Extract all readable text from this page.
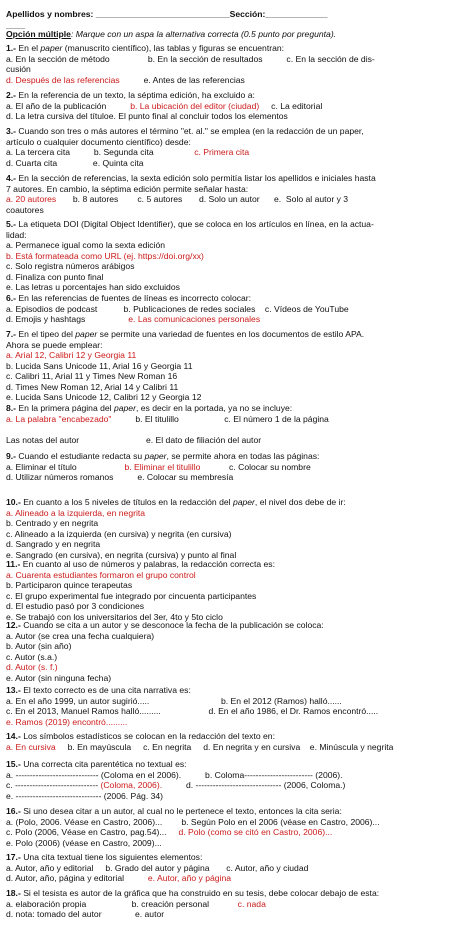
Apellidos y nombres: ____________________________Sección:_____________
____
Opción múltiple: Marque con un aspa la alternativa correcta (0.5 punto por pregunta).
1.- En el paper (manuscrito científico), las tablas y figuras se encuentran:
a. En la sección de método                b. En la sección de resultados          c. En la sección de dis-
cusión
d. Después de las referencias          e. Antes de las referencias
2.- En la referencia de un texto, la séptima edición, ha excluido a:
a. El año de la publicación          b. La ubicación del editor (ciudad)     c. La editorial
d. La letra cursiva del títuloe. El punto final al concluir todos los elementos
3.- Cuando son tres o más autores el término "et. al." se emplea (en la redacción de un paper,
artículo o cualquier documento científico) desde:
a. La tercera cita          b. Segunda cita                 c. Primera cita
d. Cuarta cita               e. Quinta cita
4.- En la sección de referencias, la sexta edición solo permitía listar los apellidos e iniciales hasta
7 autores. En cambio, la séptima edición permite señalar hasta:
a. 20 autores       b. 8 autores        c. 5 autores       d. Solo un autor      e.  Solo al autor y 3
coautores
5.- La etiqueta DOI (Digital Object Identifier), que se coloca en los artículos en línea, en la actua-
lidad:
a. Permanece igual como la sexta edición
b. Está formateada como URL (ej. https://doi.org/xx)
c. Solo registra números arábigos
d. Finaliza con punto final
e. Las letras u porcentajes han sido excluidos
6.- En las referencias de fuentes de líneas es incorrecto colocar:
a. Episodios de podcast           b. Publicaciones de redes sociales    c. Vídeos de YouTube
d. Emojis y hashtags                  e. Las comunicaciones personales
7.- En el tipeo del paper se permite una variedad de fuentes en los documentos de estilo APA.
Ahora se puede emplear:
a. Arial 12, Calibri 12 y Georgia 11
b. Lucida Sans Unicode 11, Arial 16 y Georgia 11
c. Calibri 11, Arial 11 y Times New Roman 16
d. Times New Roman 12, Arial 14 y Calibri 11
e. Lucida Sans Unicode 12, Calibri 12 y Georgia 12
8.- En la primera página del paper, es decir en la portada, ya no se incluye:
a. La palabra "encabezado"          b. El titulillo                   c. El número 1 de la página
Las notas del autor                            e. El dato de filiación del autor
9.- Cuando el estudiante redacta su paper, se permite ahora en todas las páginas:
a. Eliminar el título                    b. Eliminar el titulillo            c. Colocar su nombre
d. Utilizar números romanos          e. Colocar su membresía
10.- En cuanto a los 5 niveles de títulos en la redacción del paper, el nivel dos debe de ir:
a. Alineado a la izquierda, en negrita
b. Centrado y en negrita
c. Alineado a la izquierda (en cursiva) y negrita (en cursiva)
d. Sangrado y en negrita
e. Sangrado (en cursiva), en negrita (cursiva) y punto al final
11.- En cuanto al uso de números y palabras, la redacción correcta es:
a. Cuarenta estudiantes formaron el grupo control
b. Participaron quince terapeutas
c. El grupo experimental fue integrado por cincuenta participantes
d. El estudio pasó por 3 condiciones
e. Se trabajó con los universitarios del 3er, 4to y 5to ciclo
12.- Cuando se cita a un autor y se desconoce la fecha de la publicación se coloca:
a. Autor (se crea una fecha cualquiera)
b. Autor (sin año)
c. Autor (s.a.)
d. Autor (s. f.)
e. Autor (sin ninguna fecha)
13.- El texto correcto es de una cita narrativa es:
a. En el año 1999, un autor sugirió.....                              b. En el 2012 (Ramos) halló......
c. En el 2013, Manuel Ramos halló.........                    d. En el año 1986, el Dr. Ramos encontró.....
e. Ramos (2019) encontró.........
14.- Los símbolos estadísticos se colocan en la redacción del texto en:
a. En cursiva     b. En mayúscula     c. En negrita     d. En negrita y en cursiva    e. Minúscula y negrita
15.- Una correcta cita parentética no textual es:
a. ----------------------------- (Coloma en el 2006).          b. Coloma------------------------ (2006).
c. ----------------------------- (Coloma, 2006).          d. ------------------------------ (2006, Coloma.)
e. ------------------------------ (2006. Pág. 34)
16.- Si uno desea citar a un autor, al cual no le pertenece el texto, entonces la cita seria:
a. (Polo, 2006. Véase en Castro, 2006)...        b. Según Polo en el 2006 (véase en Castro, 2006)...
c. Polo (2006, Véase en Castro, pag.54)...     d. Polo (como se citó en Castro, 2006)...
e. Polo (2006) (véase en Castro, 2009)...
17.- Una cita textual tiene los siguientes elementos:
a. Autor, año y editorial     b. Grado del autor y página       c. Autor, año y ciudad
d. Autor, año, página y editorial          e. Autor, año y página
18.- Si el tesista es autor de la gráfica que ha construido en su tesis, debe colocar debajo de esta:
a. elaboración propia                   b. creación personal            c. nada
d. nota: tomado del autor              e. autor
